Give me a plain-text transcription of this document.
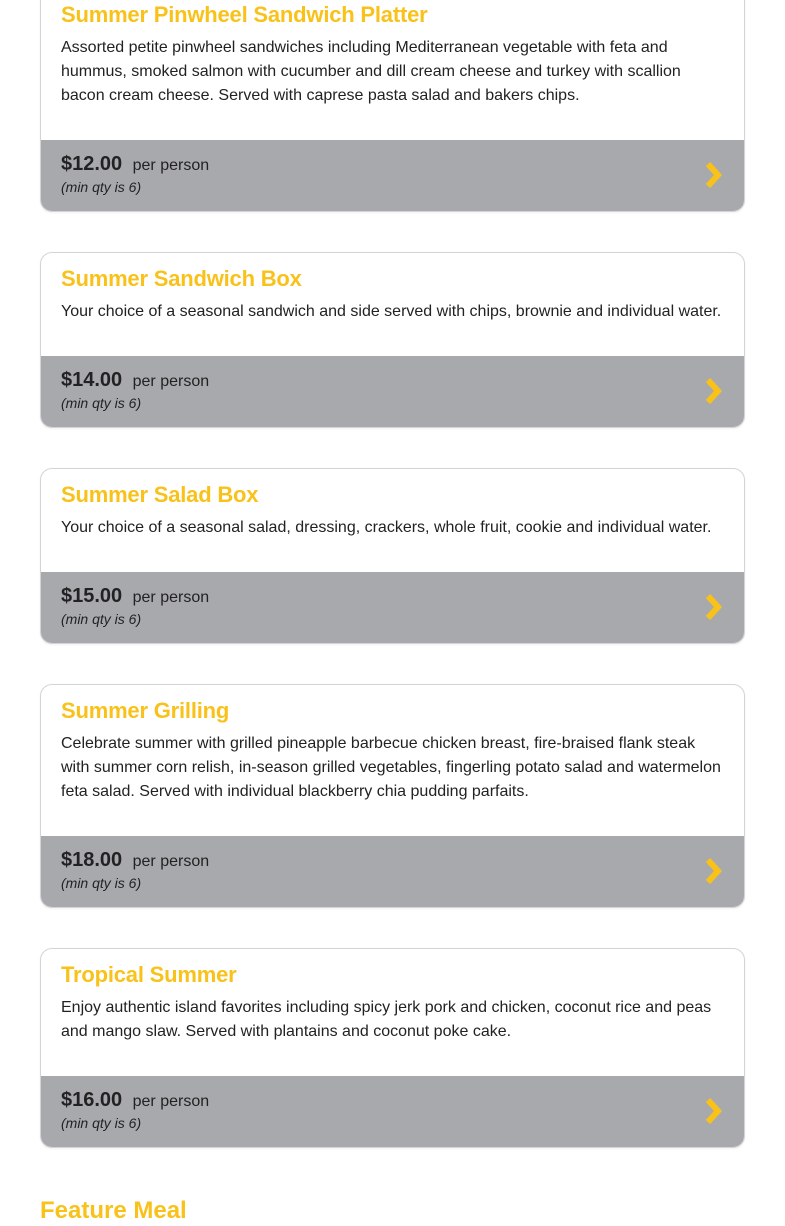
Summer Pinwheel Sandwich Platter

Assorted petite pinwheel sandwiches including Mediterranean vegetable with feta and hummus, smoked salmon with cucumber and dill cream cheese and turkey with scallion bacon cream cheese. Served with caprese pasta salad and bakers chips.

$12.00 per person
(min qty is 6)
Summer Sandwich Box

Your choice of a seasonal sandwich and side served with chips, brownie and individual water.

$14.00 per person
(min qty is 6)
Summer Salad Box

Your choice of a seasonal salad, dressing, crackers, whole fruit, cookie and individual water.

$15.00 per person
(min qty is 6)
Summer Grilling

Celebrate summer with grilled pineapple barbecue chicken breast, fire-braised flank steak with summer corn relish, in-season grilled vegetables, fingerling potato salad and watermelon feta salad. Served with individual blackberry chia pudding parfaits.

$18.00 per person
(min qty is 6)
Tropical Summer

Enjoy authentic island favorites including spicy jerk pork and chicken, coconut rice and peas and mango slaw. Served with plantains and coconut poke cake.

$16.00 per person
(min qty is 6)
Feature Meal
